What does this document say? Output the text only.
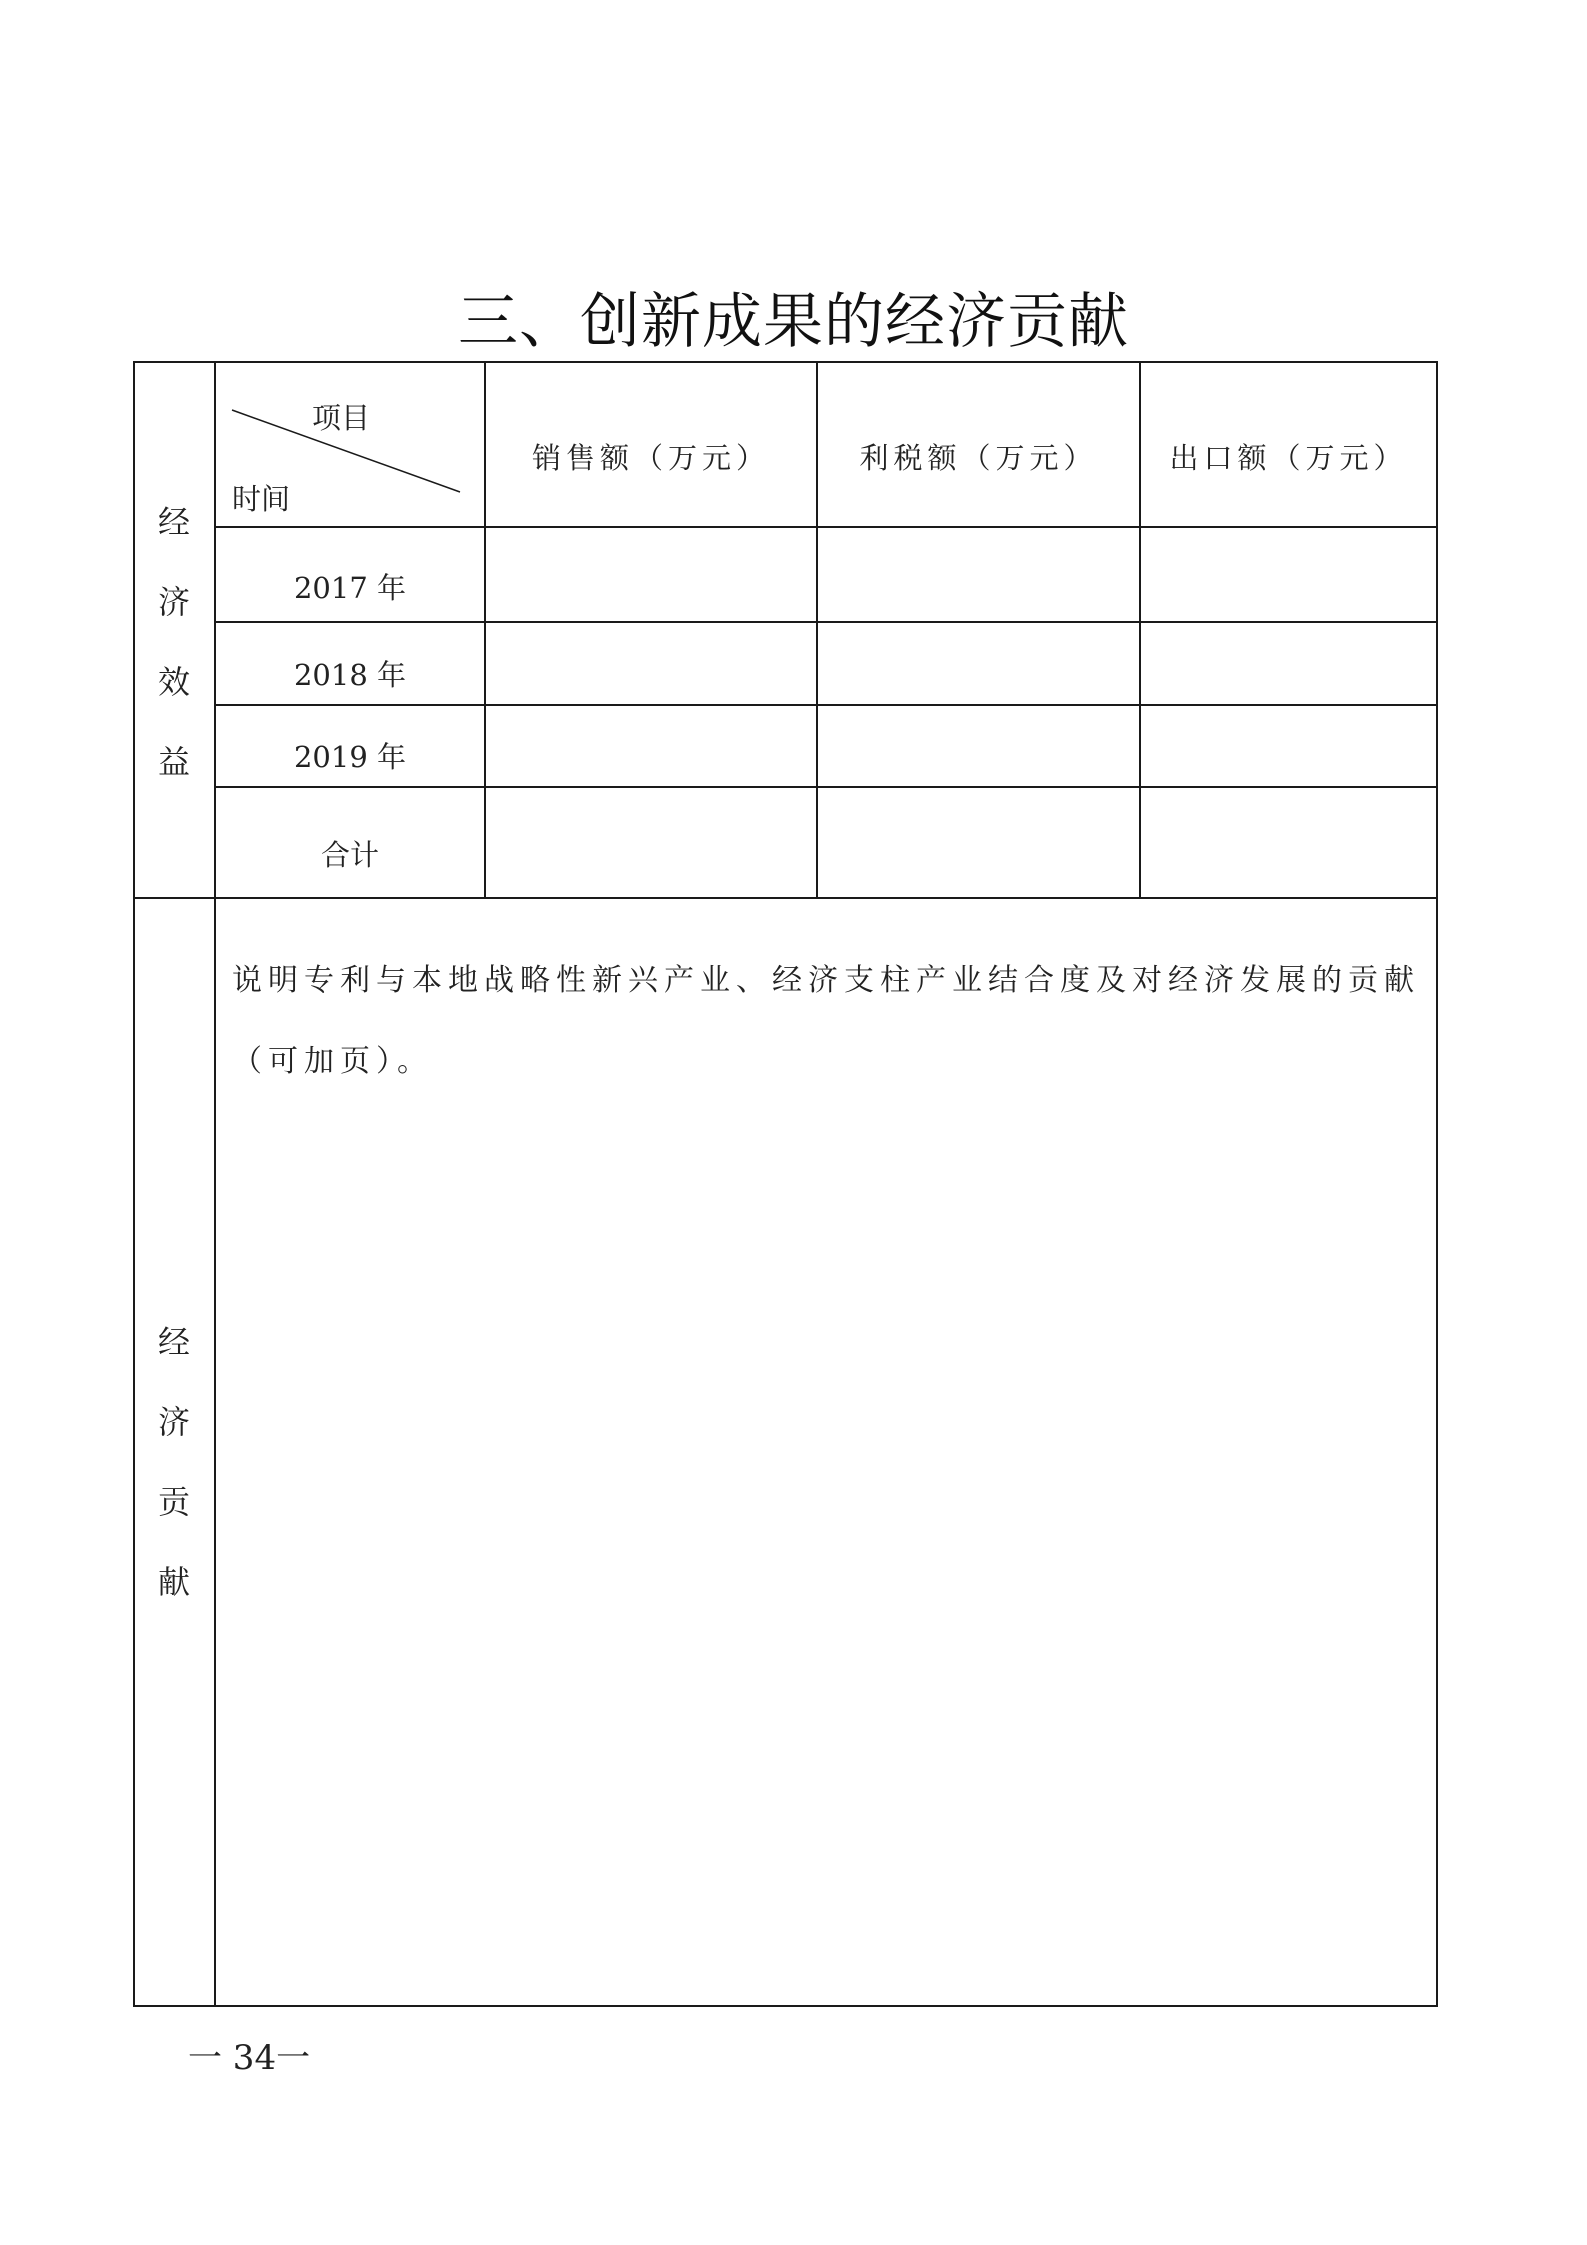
三、创新成果的经济贡献
经济效益
项目
时间
销售额（万元）	利税额（万元）	出口额（万元）
2017 年
2018 年
2019 年
合计
经济贡献
说明专利与本地战略性新兴产业、经济支柱产业结合度及对经济发展的贡献（可加页）。
一 34一
